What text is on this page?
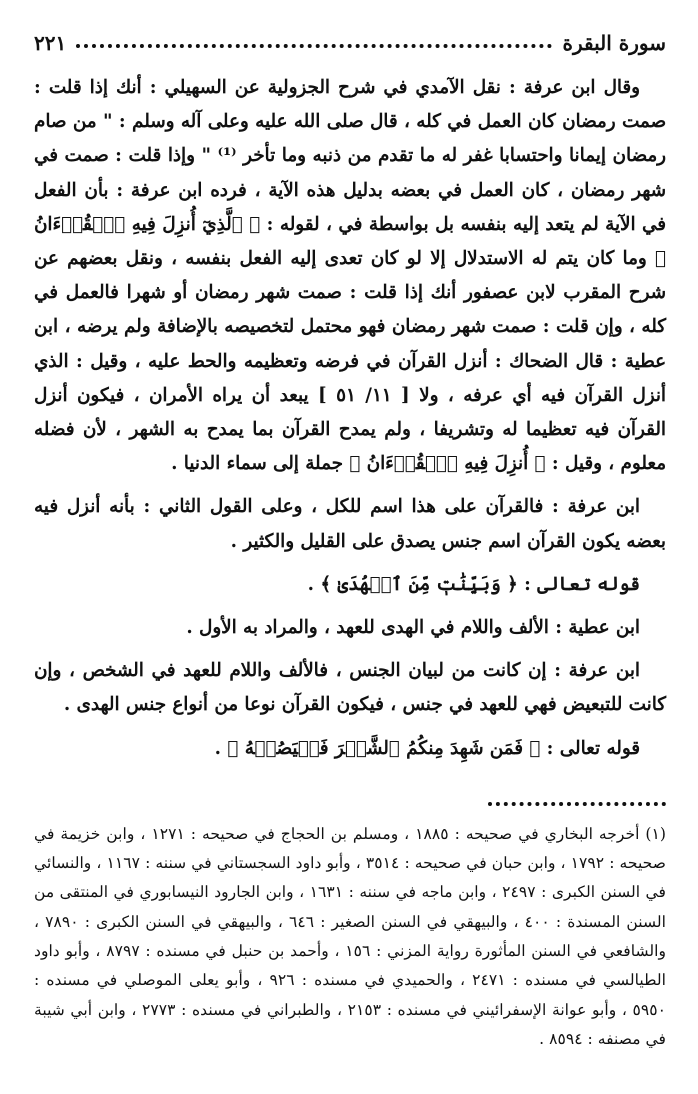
سورة البقرة
٢٢١

وقال ابن عرفة : نقل الآمدي في شرح الجزولية عن السهيلي : أنك إذا قلت : صمت رمضان كان العمل في كله ، قال صلى الله عليه وعلى آله وسلم : " من صام رمضان إيمانا واحتسابا غفر له ما تقدم من ذنبه وما تأخر ⁽¹⁾ " وإذا قلت : صمت في شهر رمضان ، كان العمل في بعضه بدليل هذه الآية ، فرده ابن عرفة : بأن الفعل في الآية لم يتعد إليه بنفسه بل بواسطة في ، لقوله : ﴿ ٱلَّذِيٓ أُنزِلَ فِيهِ ٱلۡقُرۡءَانُ ﴾ وما كان يتم له الاستدلال إلا لو كان تعدى إليه الفعل بنفسه ، ونقل بعضهم عن شرح المقرب لابن عصفور أنك إذا قلت : صمت شهر رمضان أو شهرا فالعمل في كله ، وإن قلت : صمت شهر رمضان فهو محتمل لتخصيصه بالإضافة ولم يرضه ، ابن عطية : قال الضحاك : أنزل القرآن في فرضه وتعظيمه والحط عليه ، وقيل : الذي أنزل القرآن فيه أي عرفه ، ولا [ ١١/ ٥١ ] يبعد أن يراه الأمران ، فيكون أنزل القرآن فيه تعظيما له وتشريفا ، ولم يمدح القرآن بما يمدح به الشهر ، لأن فضله معلوم ، وقيل : ﴿ أُنزِلَ فِيهِ ٱلۡقُرۡءَانُ ﴾ جملة إلى سماء الدنيا .

ابن عرفة : فالقرآن على هذا اسم للكل ، وعلى القول الثاني : بأنه أنزل فيه بعضه يكون القرآن اسم جنس يصدق على القليل والكثير .

قوله تعالى : ﴿ وَبَيِّنَٰتٖ مِّنَ ٱلۡهُدَىٰ ﴾ .

ابن عطية : الألف واللام في الهدى للعهد ، والمراد به الأول .

ابن عرفة : إن كانت من لبيان الجنس ، فالألف واللام للعهد في الشخص ، وإن كانت للتبعيض فهي للعهد في جنس ، فيكون القرآن نوعا من أنواع جنس الهدى .

قوله تعالى : ﴿ فَمَن شَهِدَ مِنكُمُ ٱلشَّهۡرَ فَلۡيَصُمۡهُ ﴾ .

(١) أخرجه البخاري في صحيحه : ١٨٨٥ ، ومسلم بن الحجاج في صحيحه : ١٢٧١ ، وابن خزيمة في صحيحه : ١٧٩٢ ، وابن حبان في صحيحه : ٣٥١٤ ، وأبو داود السجستاني في سننه : ١١٦٧ ، والنسائي في السنن الكبرى : ٢٤٩٧ ، وابن ماجه في سننه : ١٦٣١ ، وابن الجارود النيسابوري في المنتقى من السنن المسندة : ٤٠٠ ، والبيهقي في السنن الصغير : ٦٤٦ ، والبيهقي في السنن الكبرى : ٧٨٩٠ ، والشافعي في السنن المأثورة رواية المزني : ١٥٦ ، وأحمد بن حنبل في مسنده : ٨٧٩٧ ، وأبو داود الطيالسي في مسنده : ٢٤٧١ ، والحميدي في مسنده : ٩٢٦ ، وأبو يعلى الموصلي في مسنده : ٥٩٥٠ ، وأبو عوانة الإسفرائيني في مسنده : ٢١٥٣ ، والطبراني في مسنده : ٢٧٧٣ ، وابن أبي شيبة في مصنفه : ٨٥٩٤ .
